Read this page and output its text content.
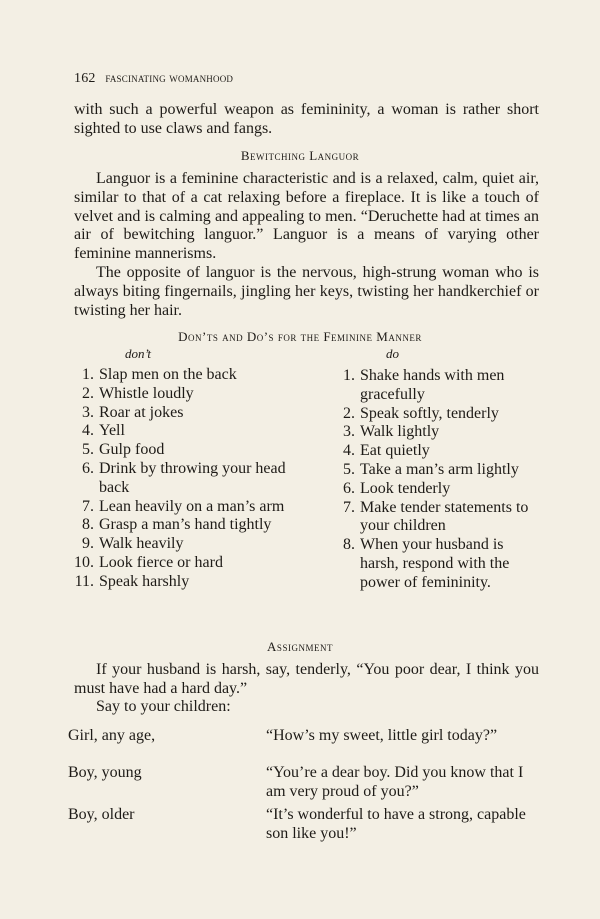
162 fascinating womanhood
with such a powerful weapon as femininity, a woman is rather short sighted to use claws and fangs.
Bewitching Languor
Languor is a feminine characteristic and is a relaxed, calm, quiet air, similar to that of a cat relaxing before a fireplace. It is like a touch of velvet and is calming and appealing to men. “Deruchette had at times an air of bewitching languor.” Languor is a means of varying other feminine mannerisms.
The opposite of languor is the nervous, high-strung woman who is always biting fingernails, jingling her keys, twisting her handkerchief or twisting her hair.
Don’ts and Do’s for the Feminine Manner
don’t	do
1. Slap men on the back
2. Whistle loudly
3. Roar at jokes
4. Yell
5. Gulp food
6. Drink by throwing your head back
7. Lean heavily on a man’s arm
8. Grasp a man’s hand tightly
9. Walk heavily
10. Look fierce or hard
11. Speak harshly
1. Shake hands with men gracefully
2. Speak softly, tenderly
3. Walk lightly
4. Eat quietly
5. Take a man’s arm lightly
6. Look tenderly
7. Make tender statements to your children
8. When your husband is harsh, respond with the power of femininity.
Assignment
If your husband is harsh, say, tenderly, “You poor dear, I think you must have had a hard day.”
Say to your children:
Girl, any age,	“How’s my sweet, little girl today?”
Boy, young	“You’re a dear boy. Did you know that I am very proud of you?”
Boy, older	“It’s wonderful to have a strong, capable son like you!”
